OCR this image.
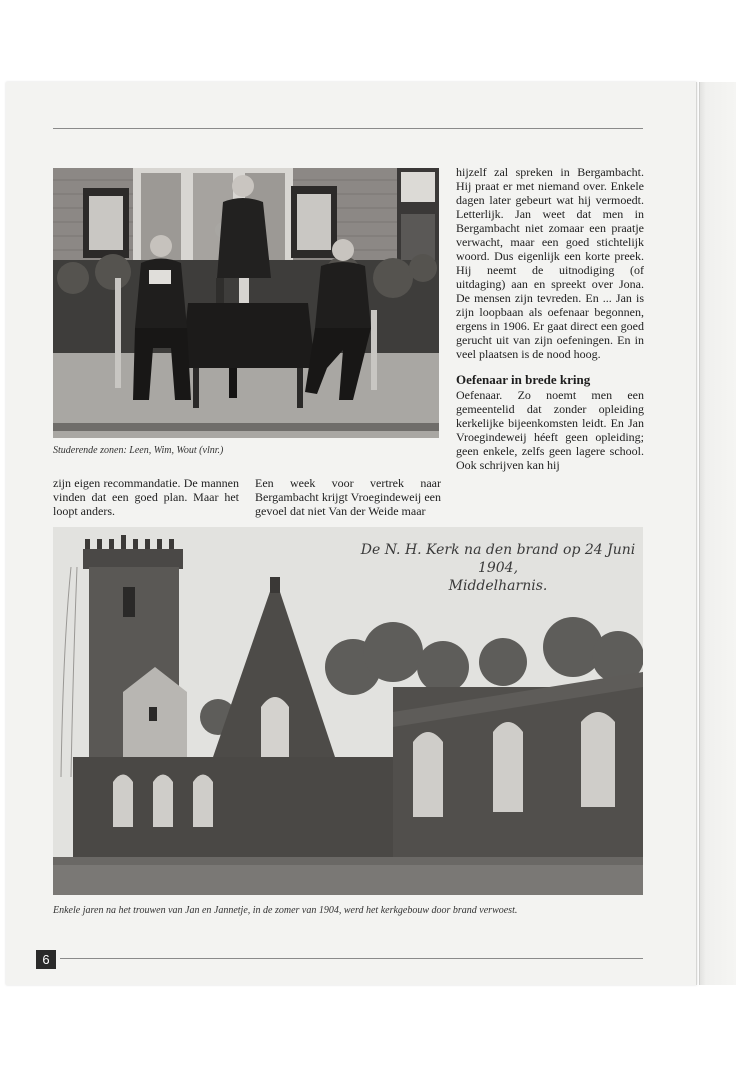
Studerende zonen: Leen, Wim, Wout (vlnr.)

zijn eigen recommandatie. De mannen vinden dat een goed plan. Maar het loopt anders.

Een week voor vertrek naar Bergambacht krijgt Vroegindeweij een gevoel dat niet Van der Weide maar

hijzelf zal spreken in Bergambacht. Hij praat er met niemand over. Enkele dagen later gebeurt wat hij vermoedt. Letterlijk. Jan weet dat men in Bergambacht niet zomaar een praatje verwacht, maar een goed stichtelijk woord. Dus eigenlijk een korte preek. Hij neemt de uitnodiging (of uitdaging) aan en spreekt over Jona. De mensen zijn tevreden. En ... Jan is zijn loopbaan als oefenaar begonnen, ergens in 1906. Er gaat direct een goed gerucht uit van zijn oefeningen. En in veel plaatsen is de nood hoog.

Oefenaar in brede kring

Oefenaar. Zo noemt men een gemeentelid dat zonder opleiding kerkelijke bijeenkomsten leidt. En Jan Vroegindeweij héeft geen opleiding; geen enkele, zelfs geen lagere school. Ook schrijven kan hij

De N. H. Kerk na den brand op 24 Juni 1904,
Middelharnis.

Enkele jaren na het trouwen van Jan en Jannetje, in de zomer van 1904, werd het kerkgebouw door brand verwoest.

6
